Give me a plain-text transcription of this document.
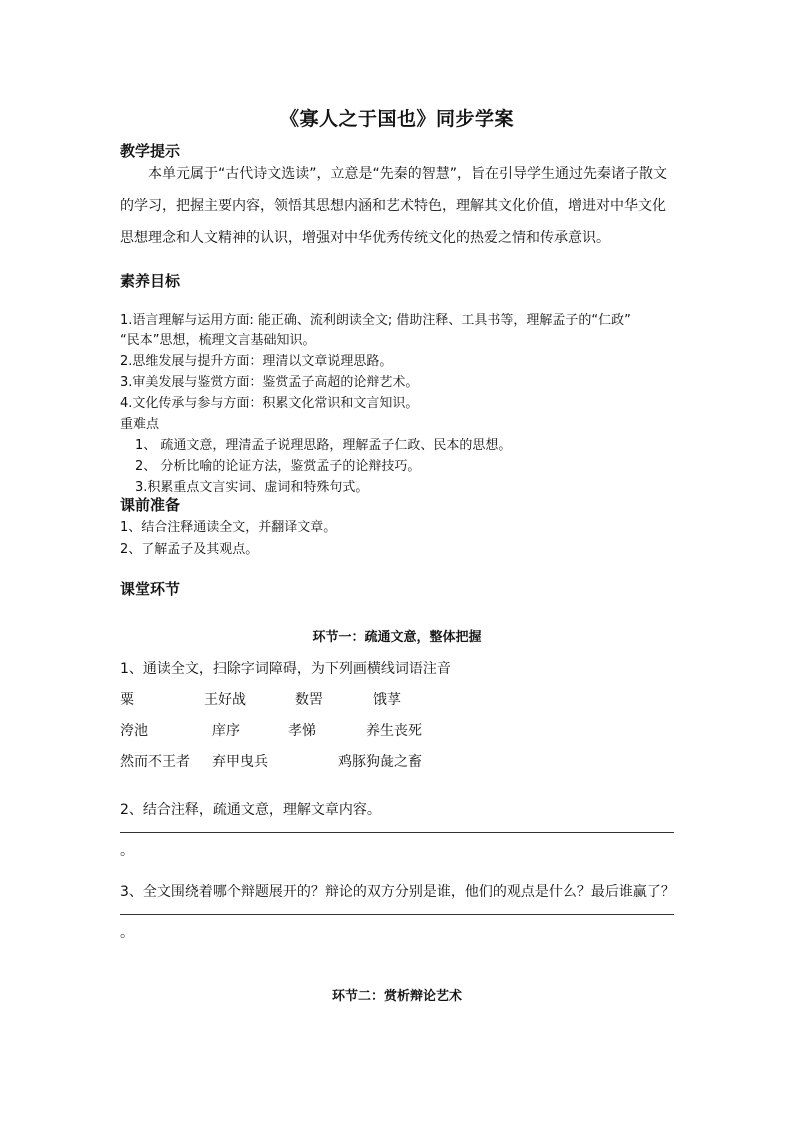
《寡人之于国也》同步学案
教学提示
本单元属于“古代诗文选读”，立意是“先秦的智慧”，旨在引导学生通过先秦诸子散文的学习，把握主要内容，领悟其思想内涵和艺术特色，理解其文化价值，增进对中华文化思想理念和人文精神的认识，增强对中华优秀传统文化的热爱之情和传承意识。
素养目标
1.语言理解与运用方面: 能正确、流利朗读全文; 借助注释、工具书等，理解孟子的“仁政”
“民本”思想，梳理文言基础知识。
2.思维发展与提升方面：理清以文章说理思路。
3.审美发展与鉴赏方面：鉴赏孟子高超的论辩艺术。
4.文化传承与参与方面：积累文化常识和文言知识。
重难点
1、 疏通文意，理清孟子说理思路，理解孟子仁政、民本的思想。
2、 分析比喻的论证方法，鉴赏孟子的论辩技巧。
3.积累重点文言实词、虚词和特殊句式。
课前准备
1、结合注释通读全文，并翻译文章。
2、了解孟子及其观点。
课堂环节
环节一：疏通文意，整体把握
1、通读全文，扫除字词障碍，为下列画横线词语注音
粟	王好战	数罟	饿莩
洿池	庠序	孝悌	养生丧死
然而不王者 弃甲曳兵	鸡豚狗彘之畜
2、结合注释，疏通文意，理解文章内容。
。
3、全文围绕着哪个辩题展开的？辩论的双方分别是谁，他们的观点是什么？最后谁赢了？
。
环节二：赏析辩论艺术
